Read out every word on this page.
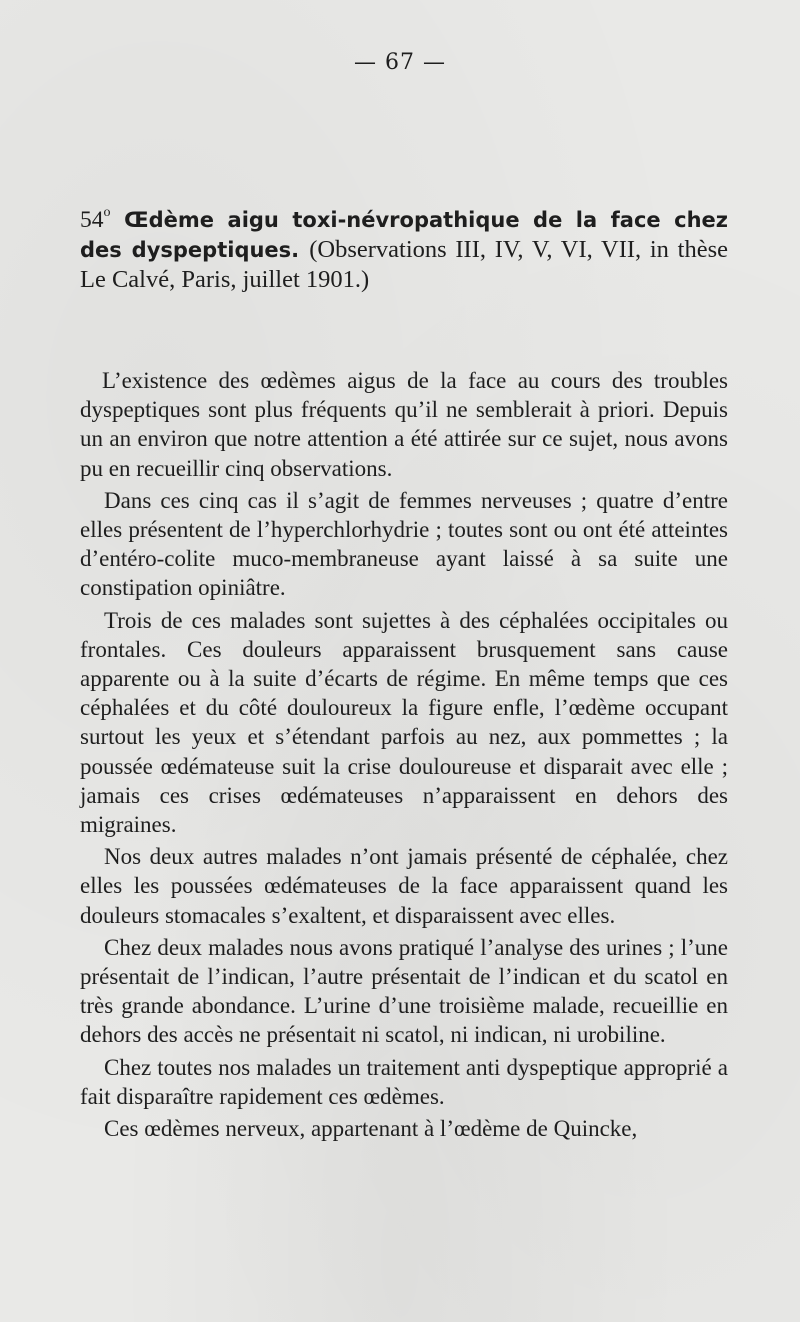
— 67 —
54$^o$ Œdème aigu toxi-névropathique de la face chez des dyspeptiques. (Observations III, IV, V, VI, VII, in thèse Le Calvé, Paris, juillet 1901.)

L’existence des œdèmes aigus de la face au cours des troubles dyspeptiques sont plus fréquents qu’il ne semblerait à priori. Depuis un an environ que notre attention a été attirée sur ce sujet, nous avons pu en recueillir cinq observations.

Dans ces cinq cas il s’agit de femmes nerveuses ; quatre d’entre elles présentent de l’hyperchlorhydrie ; toutes sont ou ont été atteintes d’entéro-colite muco-membraneuse ayant laissé à sa suite une constipation opiniâtre.

Trois de ces malades sont sujettes à des céphalées occipitales ou frontales. Ces douleurs apparaissent brusquement sans cause apparente ou à la suite d’écarts de régime. En même temps que ces céphalées et du côté douloureux la figure enfle, l’œdème occupant surtout les yeux et s’étendant parfois au nez, aux pommettes ; la poussée œdémateuse suit la crise douloureuse et disparait avec elle ; jamais ces crises œdémateuses n’apparaissent en dehors des migraines.

Nos deux autres malades n’ont jamais présenté de céphalée, chez elles les poussées œdémateuses de la face apparaissent quand les douleurs stomacales s’exaltent, et disparaissent avec elles.

Chez deux malades nous avons pratiqué l’analyse des urines ; l’une présentait de l’indican, l’autre présentait de l’indican et du scatol en très grande abondance. L’urine d’une troisième malade, recueillie en dehors des accès ne présentait ni scatol, ni indican, ni urobiline.

Chez toutes nos malades un traitement anti dyspeptique approprié a fait disparaître rapidement ces œdèmes.

Ces œdèmes nerveux, appartenant à l’œdème de Quincke,
